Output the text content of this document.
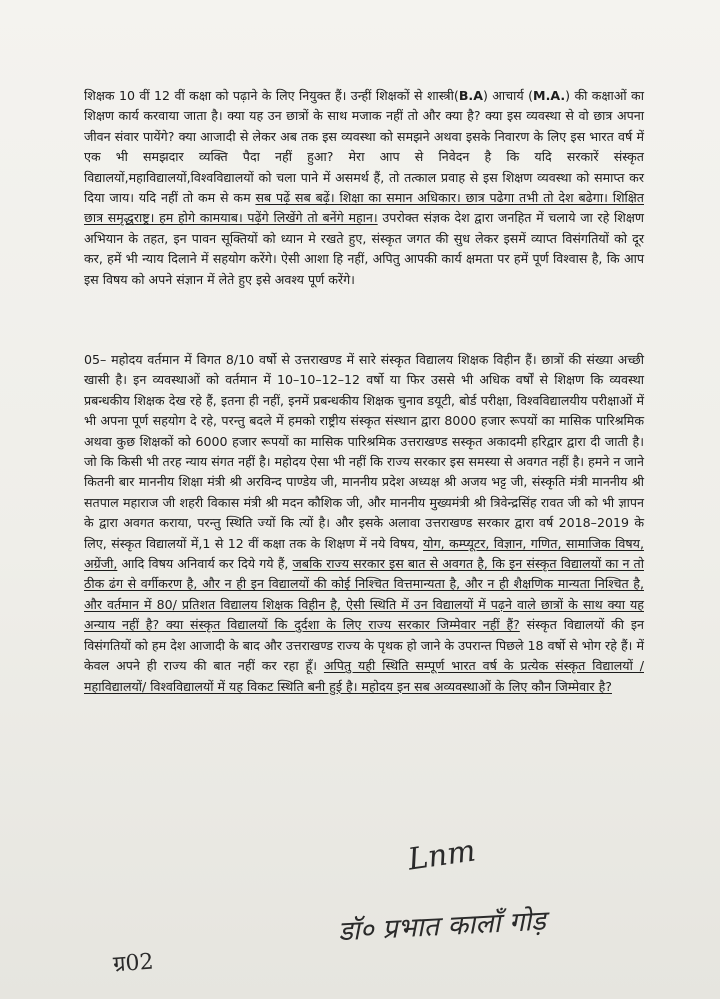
शिक्षक 10 वीं 12 वीं कक्षा को पढ़ाने के लिए नियुक्त हैं। उन्हीं शिक्षकों से शास्त्री(B.A) आचार्य (M.A.) की कक्षाओं का शिक्षण कार्य करवाया जाता है। क्या यह उन छात्रों के साथ मजाक नहीं तो और क्या है? क्या इस व्यवस्था से वो छात्र अपना जीवन संवार पायेंगे? क्या आजादी से लेकर अब तक इस व्यवस्था को समझने अथवा इसके निवारण के लिए इस भारत वर्ष में एक भी समझदार व्यक्ति पैदा नहीं हुआ? मेरा आप से निवेदन है कि यदि सरकारें संस्कृत विद्यालयों,महाविद्यालयों,विश्वविद्यालयों को चला पाने में असमर्थ हैं, तो तत्काल प्रवाह से इस शिक्षण व्यवस्था को समाप्त कर दिया जाय। यदि नहीं तो कम से कम सब पढ़ें सब बढ़ें। शिक्षा का समान अधिकार। छात्र पढेगा तभी तो देश बढेगा। शिक्षित छात्र समृद्धराष्ट्र। हम होगे कामयाब। पढ़ेंगे लिखेंगे तो बनेंगे महान। उपरोक्त संज्ञक देश द्वारा जनहित में चलाये जा रहे शिक्षण अभियान के तहत, इन पावन सूक्तियों को ध्यान मे रखते हुए, संस्कृत जगत की सुध लेकर इसमें व्याप्त विसंगतियों को दूर कर, हमें भी न्याय दिलाने में सहयोग करेंगे। ऐसी आशा हि नहीं, अपितु आपकी कार्य क्षमता पर हमें पूर्ण विश्वास है, कि आप इस विषय को अपने संज्ञान में लेते हुए इसे अवश्य पूर्ण करेंगे।

05– महोदय वर्तमान में विगत 8/10 वर्षो से उत्तराखण्ड में सारे संस्कृत विद्यालय शिक्षक विहीन हैं। छात्रों की संख्या अच्छी खासी है। इन व्यवस्थाओं को वर्तमान में 10–10–12–12 वर्षो या फिर उससे भी अधिक वर्षों से शिक्षण कि व्यवस्था प्रबन्धकीय शिक्षक देख रहे हैं, इतना ही नहीं, इनमें प्रबन्धकीय शिक्षक चुनाव डयूटी, बोर्ड परीक्षा, विश्वविद्यालयीय परीक्षाओं में भी अपना पूर्ण सहयोग दे रहे, परन्तु बदले में हमको राष्ट्रीय संस्कृत संस्थान द्वारा 8000 हजार रूपयों का मासिक पारिश्रमिक अथवा कुछ शिक्षकों को 6000 हजार रूपयों का मासिक पारिश्रमिक उत्तराखण्ड सस्कृत अकादमी हरिद्वार द्वारा दी जाती है। जो कि किसी भी तरह न्याय संगत नहीं है। महोदय ऐसा भी नहीं कि राज्य सरकार इस समस्या से अवगत नहीं है। हमने न जाने कितनी बार माननीय शिक्षा मंत्री श्री अरविन्द पाण्डेय जी, माननीय प्रदेश अध्यक्ष श्री अजय भट्ट जी, संस्कृति मंत्री माननीय श्री सतपाल महाराज जी शहरी विकास मंत्री श्री मदन कौशिक जी, और माननीय मुख्यमंत्री श्री त्रिवेन्द्रसिंह रावत जी को भी ज्ञापन के द्वारा अवगत कराया, परन्तु स्थिति ज्यों कि त्यों है। और इसके अलावा उत्तराखण्ड सरकार द्वारा वर्ष 2018–2019 के लिए, संस्कृत विद्यालयों में,1 से 12 वीं कक्षा तक के शिक्षण में नये विषय, योग, कम्प्यूटर, विज्ञान, गणित, सामाजिक विषय, अग्रेंजी, आदि विषय अनिवार्य कर दिये गये हैं, जबकि राज्य सरकार इस बात से अवगत है, कि इन संस्कृत विद्यालयों का न तो ठीक ढंग से वर्गीकरण है, और न ही इन विद्यालयों की कोई निश्चित वित्तमान्यता है, और न ही शैक्षणिक मान्यता निश्चित है, और वर्तमान में 80/ प्रतिशत विद्यालय शिक्षक विहीन है, ऐसी स्थिति में उन विद्यालयों में पढ़ने वाले छात्रों के साथ क्या यह अन्याय नहीं है? क्या संस्कृत विद्यालयों कि दुर्दशा के लिए राज्य सरकार जिम्मेवार नहीं हैं? संस्कृत विद्यालयों की इन विसंगतियों को हम देश आजादी के बाद और उत्तराखण्ड राज्य के पृथक हो जाने के उपरान्त पिछले 18 वर्षो से भोग रहे हैं। में केवल अपने ही राज्य की बात नहीं कर रहा हूँ। अपितु यही स्थिति सम्पूर्ण भारत वर्ष के प्रत्येक संस्कृत विद्यालयों /महाविद्यालयों/ विश्वविद्यालयों में यह विकट स्थिति बनी हुई है। महोदय इन सब अव्यवस्थाओं के लिए कौन जिम्मेवार है?

Lnm
डॉ० प्रभात कालाँ गोड़
ग्र02
